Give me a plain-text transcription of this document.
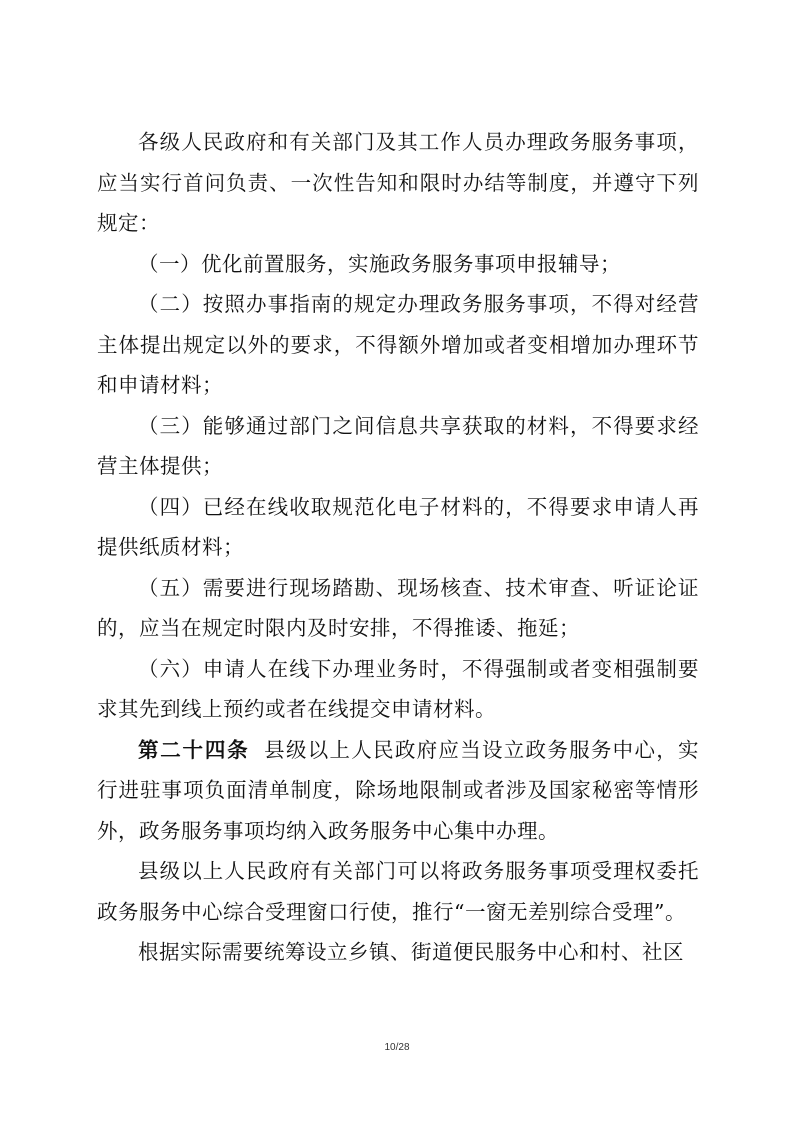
各级人民政府和有关部门及其工作人员办理政务服务事项，应当实行首问负责、一次性告知和限时办结等制度，并遵守下列规定：

（一）优化前置服务，实施政务服务事项申报辅导；

（二）按照办事指南的规定办理政务服务事项，不得对经营主体提出规定以外的要求，不得额外增加或者变相增加办理环节和申请材料；

（三）能够通过部门之间信息共享获取的材料，不得要求经营主体提供；

（四）已经在线收取规范化电子材料的，不得要求申请人再提供纸质材料；

（五）需要进行现场踏勘、现场核查、技术审查、听证论证的，应当在规定时限内及时安排，不得推诿、拖延；

（六）申请人在线下办理业务时，不得强制或者变相强制要求其先到线上预约或者在线提交申请材料。

第二十四条 县级以上人民政府应当设立政务服务中心，实行进驻事项负面清单制度，除场地限制或者涉及国家秘密等情形外，政务服务事项均纳入政务服务中心集中办理。

县级以上人民政府有关部门可以将政务服务事项受理权委托政务服务中心综合受理窗口行使，推行“一窗无差别综合受理”。

根据实际需要统筹设立乡镇、街道便民服务中心和村、社区

10/28
